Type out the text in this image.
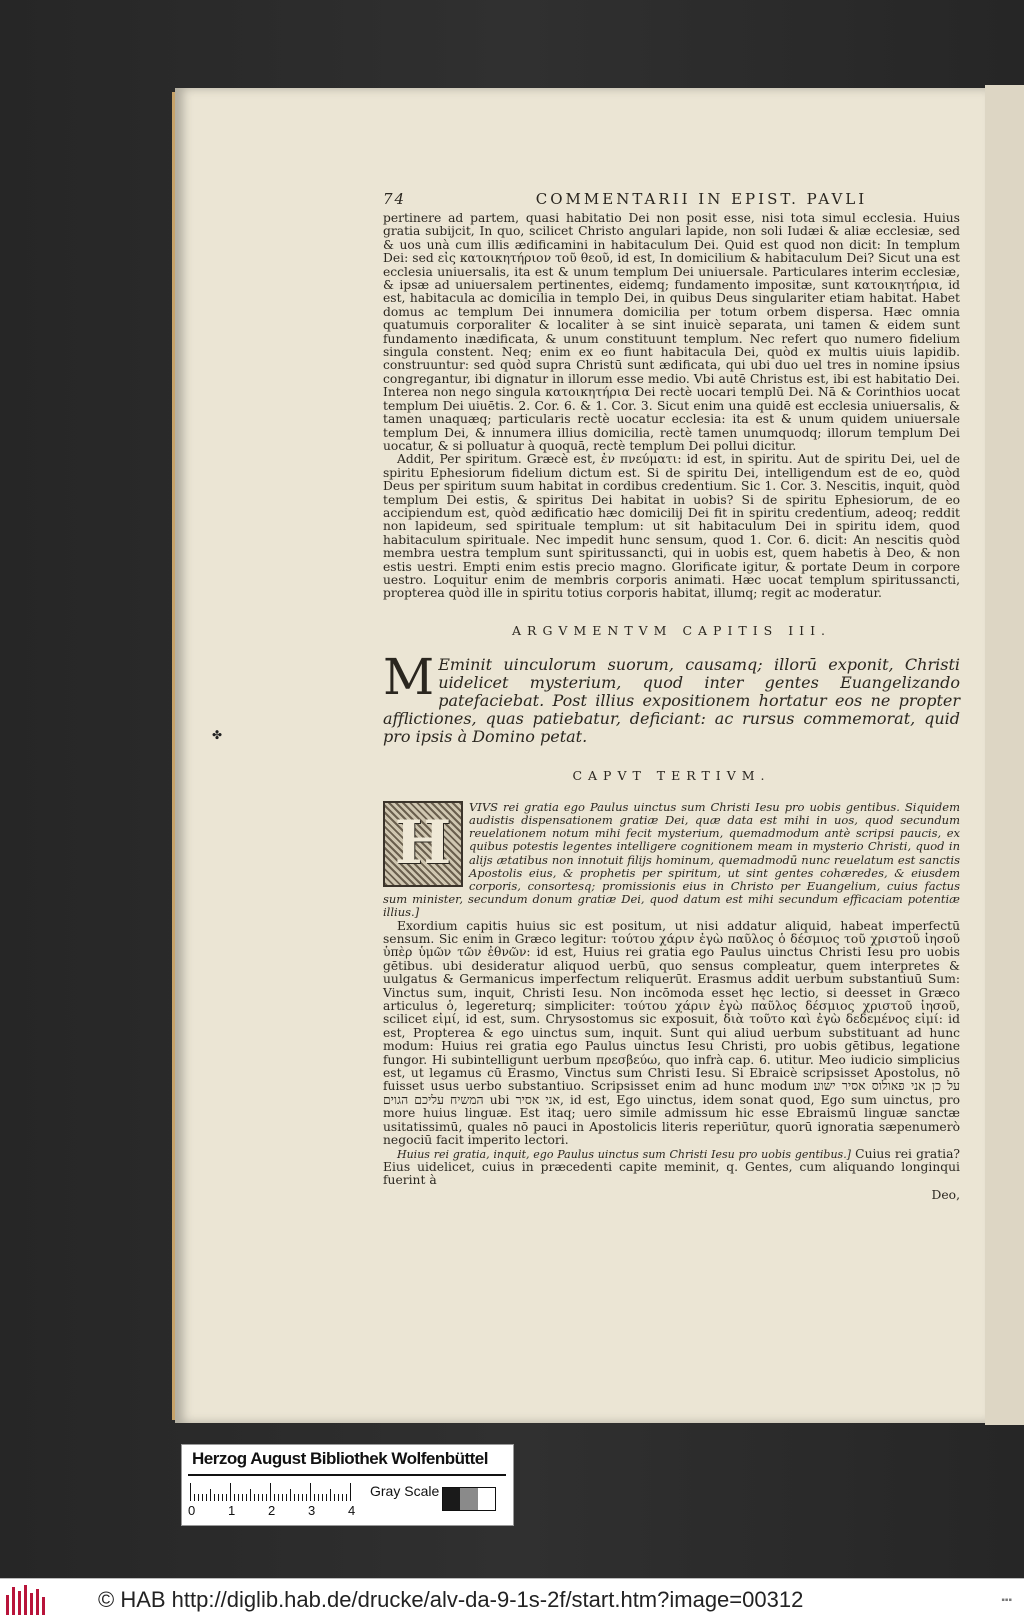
✤
74	COMMENTARII IN EPIST. PAVLI

pertinere ad partem, quasi habitatio Dei non posit esse, nisi tota simul ecclesia. Huius gratia subijcit, In quo, scilicet Christo angulari lapide, non soli Iudæi & aliæ ecclesiæ, sed & uos unà cum illis ædificamini in habitaculum Dei. Quid est quod non dicit: In templum Dei: sed εἰς κατοικητήριον τοῦ θεοῦ, id est, In domicilium & habitaculum Dei? Sicut una est ecclesia uniuersalis, ita est & unum templum Dei uniuersale. Particulares interim ecclesiæ, & ipsæ ad uniuersalem pertinentes, eidemq; fundamento impositæ, sunt κατοικητήρια, id est, habitacula ac domicilia in templo Dei, in quibus Deus singulariter etiam habitat. Habet domus ac templum Dei innumera domicilia per totum orbem dispersa. Hæc omnia quatumuis corporaliter & localiter à se sint inuicè separata, uni tamen & eidem sunt fundamento inædificata, & unum constituunt templum. Nec refert quo numero fidelium singula constent. Neq; enim ex eo fiunt habitacula Dei, quòd ex multis uiuis lapidib. construuntur: sed quòd supra Christū sunt ædificata, qui ubi duo uel tres in nomine ipsius congregantur, ibi dignatur in illorum esse medio. Vbi autē Christus est, ibi est habitatio Dei. Interea non nego singula κατοικητήρια Dei rectè uocari templū Dei. Nā & Corinthios uocat templum Dei uiuētis. 2. Cor. 6. & 1. Cor. 3. Sicut enim una quidē est ecclesia uniuersalis, & tamen unaquæq; particularis rectè uocatur ecclesia: ita est & unum quidem uniuersale templum Dei, & innumera illius domicilia, rectè tamen unumquodq; illorum templum Dei uocatur, & si polluatur à quoquā, rectè templum Dei pollui dicitur.

Addit, Per spiritum. Græcè est, ἐν πνεύματι: id est, in spiritu. Aut de spiritu Dei, uel de spiritu Ephesiorum fidelium dictum est. Si de spiritu Dei, intelligendum est de eo, quòd Deus per spiritum suum habitat in cordibus credentium. Sic 1. Cor. 3. Nescitis, inquit, quòd templum Dei estis, & spiritus Dei habitat in uobis? Si de spiritu Ephesiorum, de eo accipiendum est, quòd ædificatio hæc domicilij Dei fit in spiritu credentium, adeoq; reddit non lapideum, sed spirituale templum: ut sit habitaculum Dei in spiritu idem, quod habitaculum spirituale. Nec impedit hunc sensum, quod 1. Cor. 6. dicit: An nescitis quòd membra uestra templum sunt spiritussancti, qui in uobis est, quem habetis à Deo, & non estis uestri. Empti enim estis precio magno. Glorificate igitur, & portate Deum in corpore uestro. Loquitur enim de membris corporis animati. Hæc uocat templum spiritussancti, propterea quòd ille in spiritu totius corporis habitat, illumq; regit ac moderatur.

ARGVMENTVM CAPITIS III.

M Eminit uinculorum suorum, causamq; illorū exponit, Christi uidelicet mysterium, quod inter gentes Euangelizando patefaciebat. Post illius expositionem hortatur eos ne propter afflictiones, quas patiebatur, deficiant: ac rursus commemorat, quid pro ipsis à Domino petat.

CAPVT TERTIVM.

H
VIVS rei gratia ego Paulus uinctus sum Christi Iesu pro uobis gentibus. Siquidem audistis dispensationem gratiæ Dei, quæ data est mihi in uos, quod secundum reuelationem notum mihi fecit mysterium, quemadmodum antè scripsi paucis, ex quibus potestis legentes intelligere cognitionem meam in mysterio Christi, quod in alijs ætatibus non innotuit filijs hominum, quemadmodū nunc reuelatum est sanctis Apostolis eius, & prophetis per spiritum, ut sint gentes cohæredes, & eiusdem corporis, consortesq; promissionis eius in Christo per Euangelium, cuius factus sum minister, secundum donum gratiæ Dei, quod datum est mihi secundum efficaciam potentiæ illius.]

Exordium capitis huius sic est positum, ut nisi addatur aliquid, habeat imperfectū sensum. Sic enim in Græco legitur: τούτου χάριν ἐγὼ παῦλος ὁ δέσμιος τοῦ χριστοῦ ἰησοῦ ὑπὲρ ὑμῶν τῶν ἐθνῶν: id est, Huius rei gratia ego Paulus uinctus Christi Iesu pro uobis gētibus. ubi desideratur aliquod uerbū, quo sensus compleatur, quem interpretes & uulgatus & Germanicus imperfectum reliquerūt. Erasmus addit uerbum substantiuū Sum: Vinctus sum, inquit, Christi Iesu. Non incōmoda esset hęc lectio, si deesset in Græco articulus ὁ, legereturq; simpliciter: τούτου χάριν ἐγὼ παῦλος δέσμιος χριστοῦ ἰησοῦ, scilicet εἰμί, id est, sum. Chrysostomus sic exposuit, διὰ τοῦτο καὶ ἐγὼ δεδεμένος εἰμί: id est, Propterea & ego uinctus sum, inquit. Sunt qui aliud uerbum substituant ad hunc modum: Huius rei gratia ego Paulus uinctus Iesu Christi, pro uobis gētibus, legatione fungor. Hi subintelligunt uerbum πρεσβεύω, quo infrà cap. 6. utitur. Meo iudicio simplicius est, ut legamus cū Erasmo, Vinctus sum Christi Iesu. Si Ebraicè scripsisset Apostolus, nō fuisset usus uerbo substantiuo. Scripsisset enim ad hunc modum על כן אני פאולוס אסיר ישוע המשיח עליכם הגוים ubi אני אסיר, id est, Ego uinctus, idem sonat quod, Ego sum uinctus, pro more huius linguæ. Est itaq; uero simile admissum hic esse Ebraismū linguæ sanctæ usitatissimū, quales nō pauci in Apostolicis literis reperiūtur, quorū ignoratia sæpenumerò negociū facit imperito lectori.

Huius rei gratia, inquit, ego Paulus uinctus sum Christi Iesu pro uobis gentibus.] Cuius rei gratia? Eius uidelicet, cuius in præcedenti capite meminit, q. Gentes, cum aliquando longinqui fuerint à

Deo,
Herzog August Bibliothek Wolfenbüttel
0	1	2	3	4
Gray Scale
© HAB http://diglib.hab.de/drucke/alv-da-9-1s-2f/start.htm?image=00312	▪▪▪
